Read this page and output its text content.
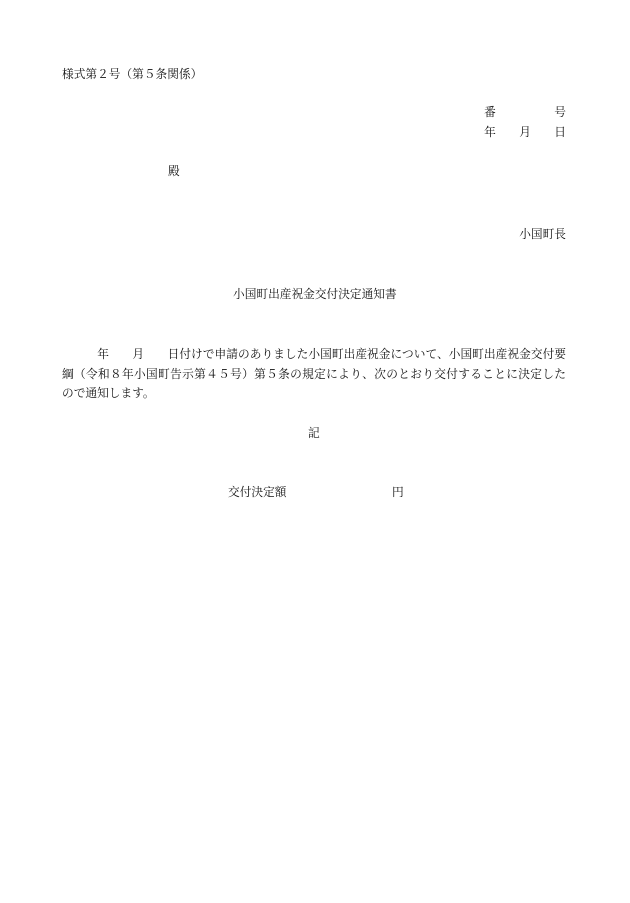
様式第２号（第５条関係）
番　　　　　号
年　　月　　日
殿
小国町長
小国町出産祝金交付決定通知書
　　　年　　月　　日付けで申請のありました小国町出産祝金について、小国町出産祝金交付要
綱（令和８年小国町告示第４５号）第５条の規定により、次のとおり交付することに決定した
ので通知します。
記
交付決定額	円
